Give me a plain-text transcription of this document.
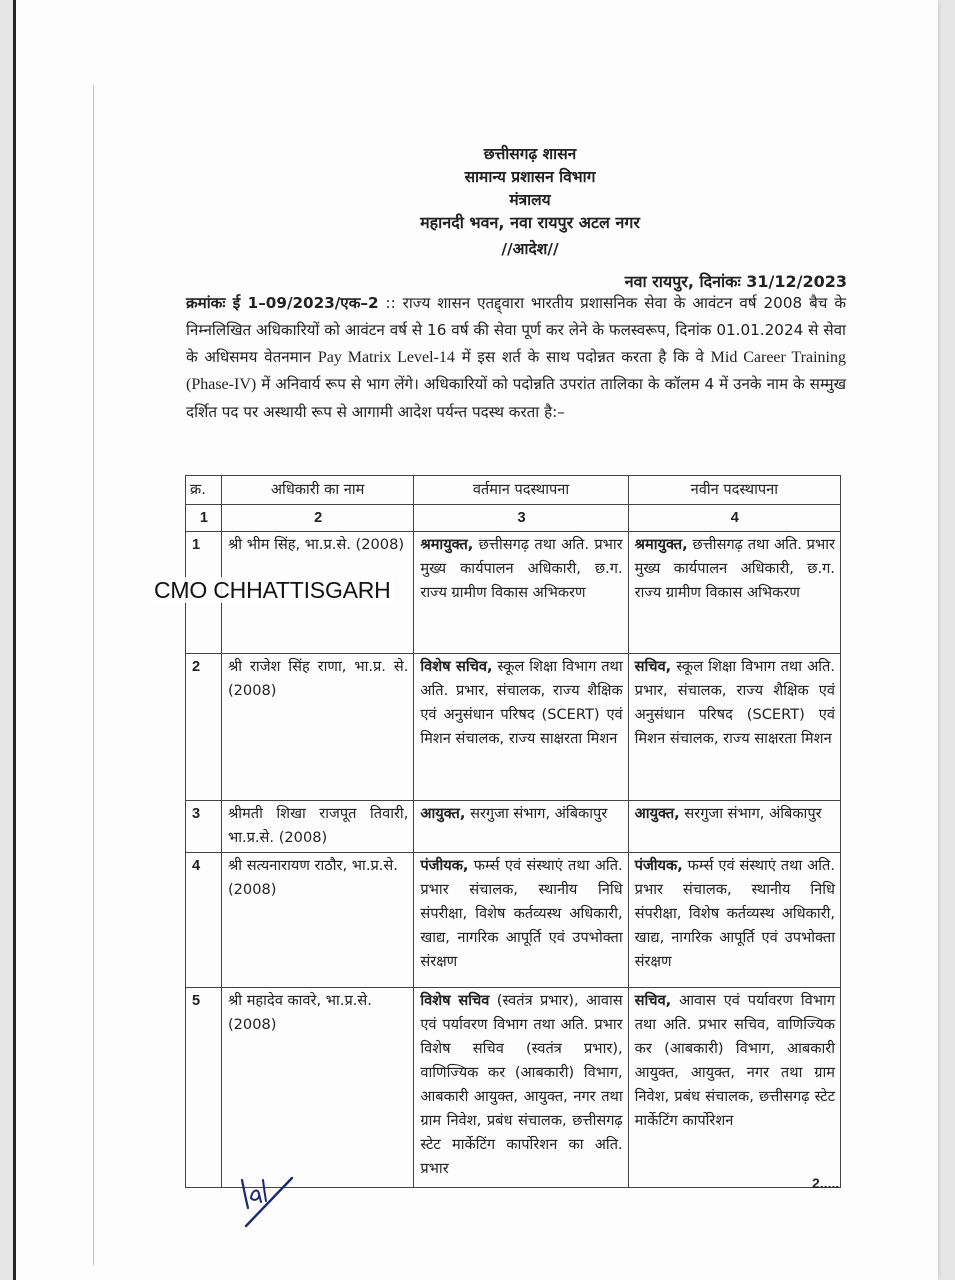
छत्तीसगढ़ शासन
सामान्य प्रशासन विभाग
मंत्रालय
महानदी भवन, नवा रायपुर अटल नगर
//आदेश//
नवा रायपुर, दिनांकः 31/12/2023
क्रमांकः ई 1–09/2023/एक–2 :: राज्य शासन एतद्द्वारा भारतीय प्रशासनिक सेवा के आवंटन वर्ष 2008 बैच के निम्नलिखित अधिकारियों को आवंटन वर्ष से 16 वर्ष की सेवा पूर्ण कर लेने के फलस्वरूप, दिनांक 01.01.2024 से सेवा के अधिसमय वेतनमान Pay Matrix Level-14 में इस शर्त के साथ पदोन्नत करता है कि वे Mid Career Training (Phase-IV) में अनिवार्य रूप से भाग लेंगे। अधिकारियों को पदोन्नति उपरांत तालिका के कॉलम 4 में उनके नाम के सम्मुख दर्शित पद पर अस्थायी रूप से आगामी आदेश पर्यन्त पदस्थ करता है:–
क्र.	अधिकारी का नाम	वर्तमान पदस्थापना	नवीन पदस्थापना
1	2	3	4
1	श्री भीम सिंह, भा.प्र.से. (2008)	श्रमायुक्त, छत्तीसगढ़ तथा अति. प्रभार मुख्य कार्यपालन अधिकारी, छ.ग. राज्य ग्रामीण विकास अभिकरण	श्रमायुक्त, छत्तीसगढ़ तथा अति. प्रभार मुख्य कार्यपालन अधिकारी, छ.ग. राज्य ग्रामीण विकास अभिकरण
2	श्री राजेश सिंह राणा, भा.प्र. से. (2008)	विशेष सचिव, स्कूल शिक्षा विभाग तथा अति. प्रभार, संचालक, राज्य शैक्षिक एवं अनुसंधान परिषद (SCERT) एवं मिशन संचालक, राज्य साक्षरता मिशन	सचिव, स्कूल शिक्षा विभाग तथा अति. प्रभार, संचालक, राज्य शैक्षिक एवं अनुसंधान परिषद (SCERT) एवं मिशन संचालक, राज्य साक्षरता मिशन
3	श्रीमती शिखा राजपूत तिवारी, भा.प्र.से. (2008)	आयुक्त, सरगुजा संभाग, अंबिकापुर	आयुक्त, सरगुजा संभाग, अंबिकापुर
4	श्री सत्यनारायण राठौर, भा.प्र.से. (2008)	पंजीयक, फर्म्स एवं संस्थाएं तथा अति. प्रभार संचालक, स्थानीय निधि संपरीक्षा, विशेष कर्तव्यस्थ अधिकारी, खाद्य, नागरिक आपूर्ति एवं उपभोक्ता संरक्षण	पंजीयक, फर्म्स एवं संस्थाएं तथा अति. प्रभार संचालक, स्थानीय निधि संपरीक्षा, विशेष कर्तव्यस्थ अधिकारी, खाद्य, नागरिक आपूर्ति एवं उपभोक्ता संरक्षण
5	श्री महादेव कावरे, भा.प्र.से. (2008)	विशेष सचिव (स्वतंत्र प्रभार), आवास एवं पर्यावरण विभाग तथा अति. प्रभार विशेष सचिव (स्वतंत्र प्रभार), वाणिज्यिक कर (आबकारी) विभाग, आबकारी आयुक्त, आयुक्त, नगर तथा ग्राम निवेश, प्रबंध संचालक, छत्तीसगढ़ स्टेट मार्केटिंग कार्पोरेशन का अति. प्रभार	सचिव, आवास एवं पर्यावरण विभाग तथा अति. प्रभार सचिव, वाणिज्यिक कर (आबकारी) विभाग, आबकारी आयुक्त, आयुक्त, नगर तथा ग्राम निवेश, प्रबंध संचालक, छत्तीसगढ़ स्टेट मार्केटिंग कार्पोरेशन
CMO CHHATTISGARH
2.....
